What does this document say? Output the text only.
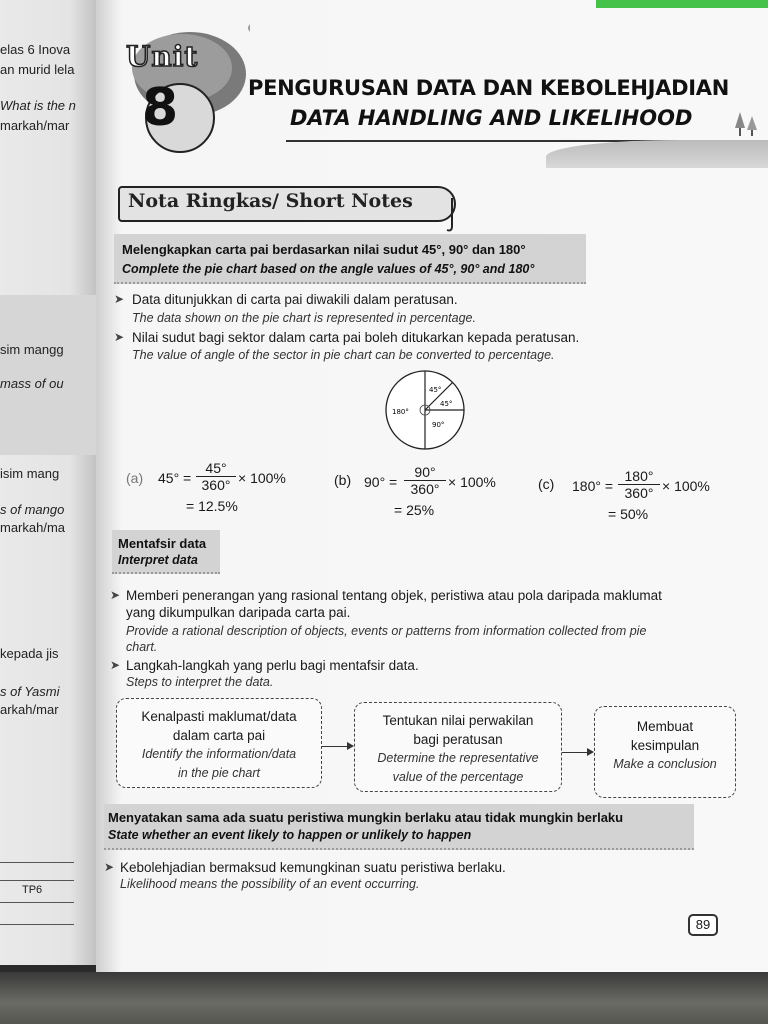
elas 6 Inova
an murid lela
What is the n
markah/mar
sim mangg
mass of ou
isim mang
s of mango
markah/ma
kepada jis
s of Yasmi
arkah/mar
TP6
Unit
8	PENGURUSAN DATA DAN KEBOLEHJADIAN
DATA HANDLING AND LIKELIHOOD
Nota Ringkas/ Short Notes
Melengkapkan carta pai berdasarkan nilai sudut 45°, 90° dan 180°
Complete the pie chart based on the angle values of 45°, 90° and 180°
➤ Data ditunjukkan di carta pai diwakili dalam peratusan.
The data shown on the pie chart is represented in percentage.
➤ Nilai sudut bagi sektor dalam carta pai boleh ditukarkan kepada peratusan.
The value of angle of the sector in pie chart can be converted to percentage.
45°
45°
180°
90°
(a) $45^\circ = \frac{45^\circ}{360^\circ} \times 100\%$
= 12.5%
(b) $90^\circ = \frac{90^\circ}{360^\circ} \times 100\%$
= 25%
(c) $180^\circ = \frac{180^\circ}{360^\circ} \times 100\%$
= 50%
Mentafsir data
Interpret data
➤ Memberi penerangan yang rasional tentang objek, peristiwa atau pola daripada maklumat
yang dikumpulkan daripada carta pai.
Provide a rational description of objects, events or patterns from information collected from pie
chart.
➤ Langkah-langkah yang perlu bagi mentafsir data.
Steps to interpret the data.
Kenalpasti maklumat/data
dalam carta pai
Identify the information/data
in the pie chart
Tentukan nilai perwakilan
bagi peratusan
Determine the representative
value of the percentage
Membuat
kesimpulan
Make a conclusion
Menyatakan sama ada suatu peristiwa mungkin berlaku atau tidak mungkin berlaku
State whether an event likely to happen or unlikely to happen
➤ Kebolehjadian bermaksud kemungkinan suatu peristiwa berlaku.
Likelihood means the possibility of an event occurring.
89
